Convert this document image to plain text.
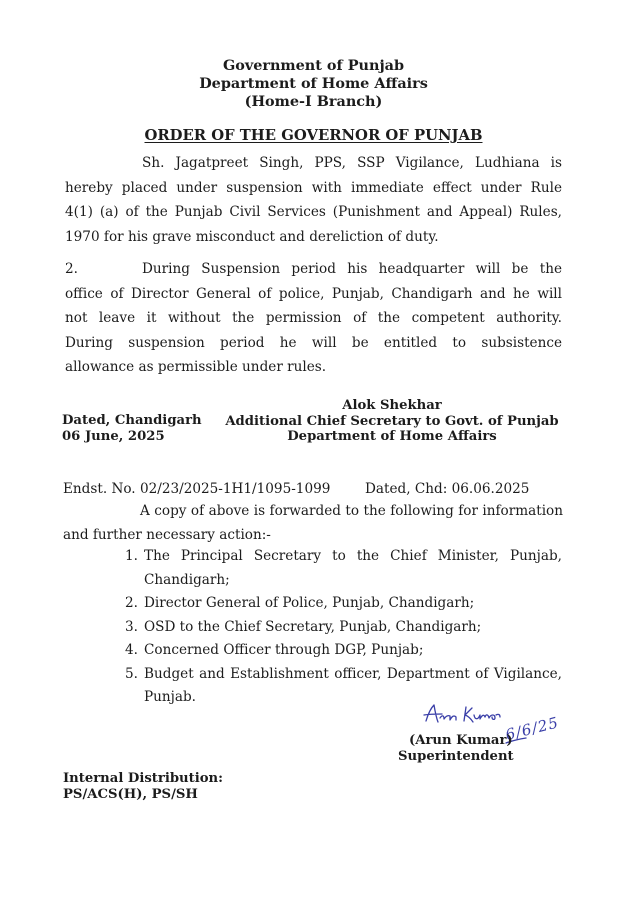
Government of Punjab
Department of Home Affairs
(Home-I Branch)
ORDER OF THE GOVERNOR OF PUNJAB
Sh. Jagatpreet Singh, PPS, SSP Vigilance, Ludhiana is
hereby placed under suspension with immediate effect under Rule
4(1) (a) of the Punjab Civil Services (Punishment and Appeal) Rules,
1970 for his grave misconduct and dereliction of duty.
2.	During Suspension period his headquarter will be the
office of Director General of police, Punjab, Chandigarh and he will
not leave it without the permission of the competent authority.
During suspension period he will be entitled to subsistence
allowance as permissible under rules.
Dated, Chandigarh
06 June, 2025
Alok Shekhar
Additional Chief Secretary to Govt. of Punjab
Department of Home Affairs
Endst. No. 02/23/2025-1H1/1095-1099	Dated, Chd: 06.06.2025
A copy of above is forwarded to the following for information
and further necessary action:-
1. The Principal Secretary to the Chief Minister, Punjab,
Chandigarh;
2. Director General of Police, Punjab, Chandigarh;
3. OSD to the Chief Secretary, Punjab, Chandigarh;
4. Concerned Officer through DGP, Punjab;
5. Budget and Establishment officer, Department of Vigilance,
Punjab.
6/6/25
(Arun Kumar)
Superintendent
Internal Distribution:
PS/ACS(H), PS/SH
